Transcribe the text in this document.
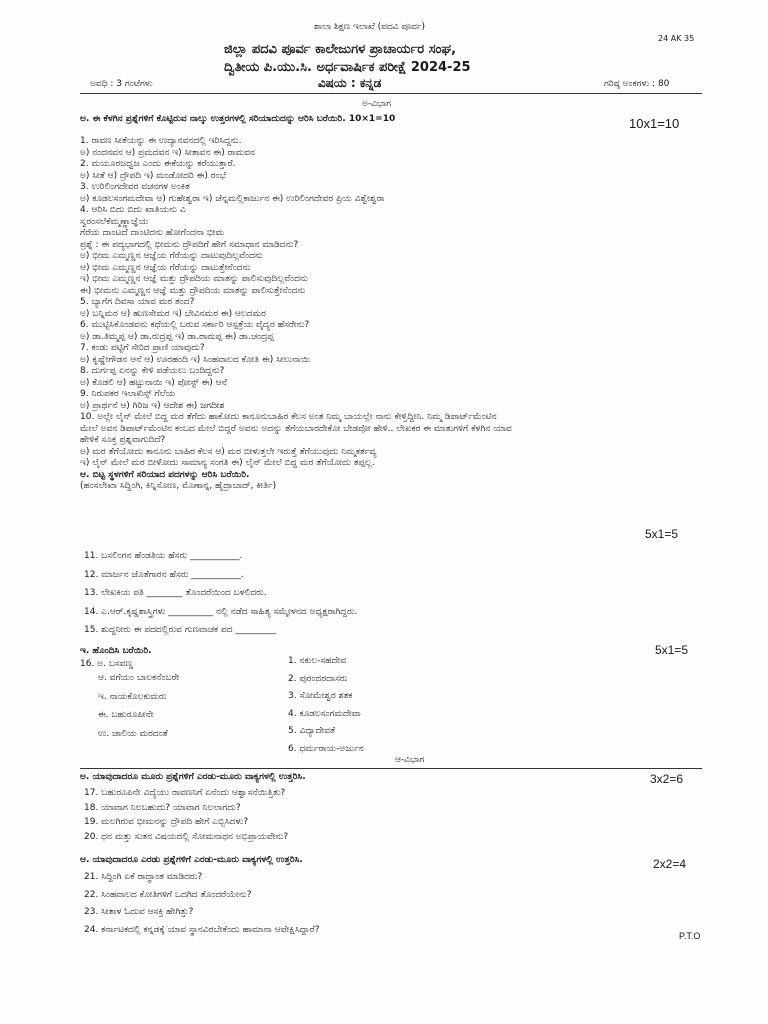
ಶಾಲಾ ಶಿಕ್ಷಣ ಇಲಾಖೆ (ಪದವಿ ಪೂರ್ವ)
24 AK 35
ಜಿಲ್ಲಾ ಪದವಿ ಪೂರ್ವ ಕಾಲೇಜುಗಳ ಪ್ರಾಚಾರ್ಯರ ಸಂಘ,
ದ್ವಿತೀಯ ಪಿ.ಯು.ಸಿ. ಅರ್ಧವಾರ್ಷಿಕ ಪರೀಕ್ಷೆ 2024-25
ಅವಧಿ : 3 ಗಂಟೆಗಳು	ವಿಷಯ : ಕನ್ನಡ	ಗರಿಷ್ಠ ಅಂಕಗಳು : 80
ಅ-ವಿಭಾಗ
ಅ. ಈ ಕೆಳಗಿನ ಪ್ರಶ್ನೆಗಳಿಗೆ ಕೊಟ್ಟಿರುವ ನಾಲ್ಕು ಉತ್ತರಗಳಲ್ಲಿ ಸರಿಯಾದುದನ್ನು ಆರಿಸಿ ಬರೆಯಿರಿ. 10×1=10
1. ರಾವಣ ಸೀತೆಯನ್ನು ಈ ಉದ್ಯಾನವನದಲ್ಲಿ ಇರಿಸಿದ್ದನು.
ಅ) ನಂದನವನ ಆ) ಪ್ರಮದವನ ಇ) ಸೀತಾವನ ಈ) ರಾಮವನ
2. ಮಯೂರಜಧ್ವಜ ಎಂದು ಈಕೆಯನ್ನು ಕರೆಯುತ್ತಾರೆ.
ಅ) ಸೀತೆ ಆ) ದ್ರೌಪದಿ ಇ) ಮಂಡೋದರಿ ಈ) ರಂಭೆ
3. ಉರಿಲಿಂಗದೇವರ ವಚನಗಳ ಅಂಕಿತ
ಅ) ಕೂಡಲಸಂಗಮದೇವಾ ಆ) ಗುಹೇಶ್ವರಾ ಇ) ಚೆನ್ನಮಲ್ಲಿಕಾರ್ಜುನ ಈ) ಉರಿಲಿಂಗದೇವರ ಪ್ರಿಯ ವಿಶ್ವೇಶ್ವರಾ
4. ಆರಿಸಿ ಬಿದು ಬಿದು ಖಾತಿಯನು ವಿ
ಸ್ವರಂಸಲೆಕೆಮ್ಮಣ್ಣಾಜ್ಞೆಯ
ಗೆರೆಯ ದಾಂಟದೆ ದಾಂಟಿದನು ಹೋಗೆಂದನಾ ಭೀಮ
ಪ್ರಶ್ನೆ : ಈ ಪದ್ಯಭಾಗದಲ್ಲಿ ಭೀಮನು ದ್ರೌಪದಿಗೆ ಹೇಗೆ ಸಮಾಧಾನ ಮಾಡಿದನು?
ಅ) ಭೀಮ ಎಮ್ಮಣ್ಣನ ಆಜ್ಞೆಯ ಗೆರೆಯನ್ನು ದಾಟುವುದಿಲ್ಲವೆಂದನು
ಆ) ಭೀಮ ಎಮ್ಮಣ್ಣನ ಆಜ್ಞೆಯ ಗೆರೆಯನ್ನು ದಾಟುತ್ತೇನೆಂದನು
ಇ) ಭೀಮ ಎಮ್ಮಣ್ಣನ ಆಜ್ಞೆ ಮತ್ತು ದ್ರೌಪದಿಯ ಮಾತನ್ನು ಪಾಲಿಸುವುದಿಲ್ಲವೆಂದನು
ಈ) ಭೀಮನು ಎಮ್ಮಣ್ಣನ ಆಜ್ಞೆ ಮತ್ತು ದ್ರೌಪದಿಯ ಮಾತನ್ನು ಪಾಲಿಸುತ್ತೇನೆಂದನು
5. ಬ್ಯಾಗೆಗ ದಿವಸಾ ಯಾವ ಮರ ತಂದ?
ಅ) ಬನ್ನಿಮರ ಆ) ಹುಣಸೇಮರ ಇ) ಬೇವಿನಮರ ಈ) ಆಲದಮರ
6. ಮುಟ್ಟಿಸಿಕೊಂಡವನು ಕಥೆಯಲ್ಲಿ ಬರುವ ಸರ್ಕಾರಿ ಆಸ್ಪತ್ರೆಯ ವೈದ್ಯರ ಹೆಸರೇನು?
ಅ) ಡಾ.ತಿಮ್ಮಪ್ಪ ಆ) ಡಾ.ರುದ್ರಪ್ಪ ಇ) ಡಾ.ರಾಮಪ್ಪ ಈ) ಡಾ.ಚಂದ್ರಪ್ಪ
7. ಕಂಡು ಪಟ್ಟಿಗೆ ಸೇರಿದ ಪ್ರಾಣಿ ಯಾವುದು?
ಅ) ಕೃಷ್ಣೇಗೌಡನ ಆನೆ ಆ) ಊರಹಂದಿ ಇ) ಸಿಂಹವಾಲದ ಕೋತಿ ಈ) ಸೀಲುನಾಯಿ
8. ದುರ್ಗಪ್ಪ ಏನನ್ನು ಕೇಳಿ ಪಡೆಯಲು ಬಂದಿದ್ದನು?
ಅ) ಕೊಡಲಿ ಆ) ಹಟ್ಟುನಾಯಿ ಇ) ಪೋಸ್ಟ್ ಈ) ಆನೆ
9. ನಿರುಪಕರ ಇಲಾಖಿಸ್ಸ್ ಗೆಲೆಯ
ಅ) ಪ್ರಾರ್ಥನೆ ಆ) ಗಿರಿಜ ಇ) ಆದೇಶ ಈ) ಜಗದೀಶ
10. ಅಲ್ಲೇ ಲೈನ್ ಮೇಲೆ ಬಿದ್ದ ಮರ ತೆಗೆದು ಹಾಕೋದು ಕಾನೂನುಬಾಹಿರ ಕೆಲಸ ಅಂತ ನಿಮ್ಮ ಬಾಯಲ್ಲೇ ನಾನು ಕೇಳ್ತಿದ್ದೀನಿ. ನಿಮ್ಮ ಡಿಪಾರ್ಟ್‌ಮೆಂಟಿನ
ಮೇಲೆ ಅವನ ಡಿಪಾರ್ಟ್‌ಮೆಂಟಿನ ಕಂಬದ ಮೇಲೆ ಬಿದ್ದರೆ ಅವನು ಅದನ್ನು ತೆಗೆಯಬಾರದೇಕೋ ಬೇಡವೋ ಹೇಳಿ.. ಲೇಖಕರ ಈ ಮಾತುಗಳಿಗೆ ಕೆಳಗಿನ ಯಾವ
ಹೇಳಿಕೆ ಸೂಕ್ತ ಪ್ರಶ್ನವಾಗುದಿದೆ?
ಅ) ಮರ ತೆಗೆಯೋದು ಕಾನೂನು ಬಾಹಿರ ಕೆಲಸ ಆ) ಮರ ಬೀಳುತ್ತಲೇ ಇರುತ್ತೆ ತೆಗೆಯುವುದು ನಿಮ್ಮಕರ್ತವ್ಯ
ಇ) ಲೈನ್ ಮೇಲೆ ಮರ ಬೀಳೋದು ಸಾಮಾನ್ಯ ಸಂಗತಿ ಈ) ಲೈನ್ ಮೇಲೆ ಬಿದ್ದ ಮರ ತೆಗೆಯೋದು ತಪ್ಪಲ್ಲ.
ಆ. ಬಿಟ್ಟ ಸ್ಥಳಗಳಿಗೆ ಸರಿಯಾದ ಪದಗಳನ್ನು ಆರಿಸಿ ಬರೆಯಿರಿ.
(ಹಂಸಲೇಖಾ ಸಿದ್ದಿಂಗಿ, ಕಿನ್ನಿಸೋಣ, ಮೊಣಾನ್ನ, ಹೈದ್ರಾಬಾದ್, ಕೀರ್ತಿ)
11. ಬಸಲಿಂಗನ ಹೆಂಡತಿಯ ಹೆಸರು ___________.
12. ಮಾರ್ಜನ ಜೊತೆಗಾರನ ಹೆಸರು ___________.
13. ಲೇಖಕಿಯ ಪತಿ ________ ತೊಂದರೆಯಿಂದ ಬಳಲಿದರು.
14. ಎ.ಆರ್.ಕೃಷ್ಣಶಾಸ್ತ್ರಿಗಳು __________ ನಲ್ಲಿ ನಡೆದ ಸಾಹಿತ್ಯ ಸಮ್ಮೇಳನದ ಅಧ್ಯಕ್ಷರಾಗಿದ್ದರು.
15. ಶುದ್ದನೀರು ಈ ಪದದಲ್ಲಿರುವ ಗುಣವಾಚಕ ಪದ _________
ಇ. ಹೊಂದಿಸಿ ಬರೆಯಿರಿ.
16. ಅ. ಬಸವಣ್ಣ
ಆ. ವಗೆಯಂ ಬಾಲಕನೆಂಬರೇ
ಇ. ನಾಯಕೊಲಕುಮರು
ಈ. ಬಹುರೂಪೀನೇ
ಉ. ಜಾಲಿಯ ಮರದಂತೆ
1. ನಕುಲ-ಸಹದೇವ
2. ಪುರಂದರದಾಸರು
3. ಸೋಮೇಶ್ವರ ಶತಕ
4. ಕೂಡಲಸಂಗಮದೇವಾ
5. ವಿದ್ಯಾದೇವತೆ
6. ಧರ್ಮರಾಯ-ಅರ್ಜುನ
ಆ-ವಿಭಾಗ
ಅ. ಯಾವುದಾದರೂ ಮೂರು ಪ್ರಶ್ನೆಗಳಿಗೆ ಎರಡು-ಮೂರು ವಾಕ್ಯಗಳಲ್ಲಿ ಉತ್ತರಿಸಿ.
17. ಬಹುರೂಪಿನೇ ವಿದ್ಯೆಯು ರಾವಣನಿಗೆ ಏನೆಂದು ಆಶ್ವಾಸನೆಯಿತ್ತಿತು?
18. ಯಾವಾಗ ನಿಲಬಹುದು? ಯಾವಾಗ ನಿಲಲಾಗದು?
19. ಮಲಗಿರುವ ಭೀಮನನ್ನು ದ್ರೌಪದಿ ಹೇಗೆ ಎಬ್ಬಿಸಿದಳು?
20. ಧನ ಮತ್ತು ಸುತನ ವಿಷಯದಲ್ಲಿ ಸೋಮನಾಥನ ಅಭಿಪ್ರಾಯವೇನು?
ಆ. ಯಾವುದಾದರೂ ಎರಡು ಪ್ರಶ್ನೆಗಳಿಗೆ ಎರಡು-ಮೂರು ವಾಕ್ಯಗಳಲ್ಲಿ ಉತ್ತರಿಸಿ.
21. ಸಿದ್ದಿಂಗಿ ಏಕೆ ರಾದ್ಧಾಂತ ಮಾಡಿದರು?
22. ಸಿಂಹವಾಲದ ಕೋತಿಗಳಿಗೆ ಒದಗಿದ ತೊಂದರೆಯೇನು?
23. ಸೀತಾಳ ಓದುವ ಆಸಕ್ತಿ ಹೇಗಿತ್ತು?
24. ಕರ್ನಾಟಕದಲ್ಲಿ ಕನ್ನಡಕ್ಕೆ ಯಾವ ಸ್ಥಾನವಿರಬೇಕೆಂದು ಹಾಮಾನಾ ಆಪೇಕ್ಷಿಸಿದ್ದಾರೆ?
10x1=10
5x1=5
5x1=5
3x2=6
2x2=4
P.T.O
